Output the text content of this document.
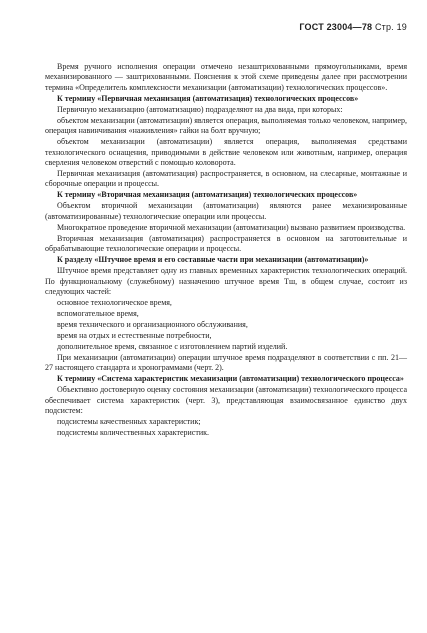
ГОСТ 23004—78 Стр. 19

Время ручного исполнения операции отмечено незаштрихованными прямоугольниками, время механизированного — заштрихованными. Пояснения к этой схеме приведены далее при рассмотрении термина «Определитель комплексности механизации (автоматизации) технологических процессов».

К термину «Первичная механизация (автоматизация) технологических процессов»

Первичную механизацию (автоматизацию) подразделяют на два вида, при которых:

объектом механизации (автоматизации) является операция, выполняемая только человеком, например, операция навинчивания «наживления» гайки на болт вручную;

объектом механизации (автоматизации) является операция, выполняемая средствами технологического оснащения, приводимыми в действие человеком или животным, например, операция сверления человеком отверстий с помощью коловорота.

Первичная механизация (автоматизация) распространяется, в основном, на слесарные, монтажные и сборочные операции и процессы.

К термину «Вторичная механизация (автоматизация) технологических процессов»

Объектом вторичной механизации (автоматизации) являются ранее механизированные (автоматизированные) технологические операции или процессы.

Многократное проведение вторичной механизации (автоматизации) вызвано развитием производства.

Вторичная механизация (автоматизация) распространяется в основном на заготовительные и обрабатывающие технологические операции и процессы.

К разделу «Штучное время и его составные части при механизации (автоматизации)»

Штучное время представляет одну из главных временных характеристик технологических операций. По функциональному (служебному) назначению штучное время Tш, в общем случае, состоит из следующих частей:

основное технологическое время,

вспомогательное время,

время технического и организационного обслуживания,

время на отдых и естественные потребности,

дополнительное время, связанное с изготовлением партий изделий.

При механизации (автоматизации) операции штучное время подразделяют в соответствии с пп. 21—27 настоящего стандарта и хронограммами (черт. 2).

К термину «Система характеристик механизации (автоматизации) технологического процесса»

Объективно достоверную оценку состояния механизации (автоматизации) технологического процесса обеспечивает система характеристик (черт. 3), представляющая взаимосвязанное единство двух подсистем:

подсистемы качественных характеристик;

подсистемы количественных характеристик.
